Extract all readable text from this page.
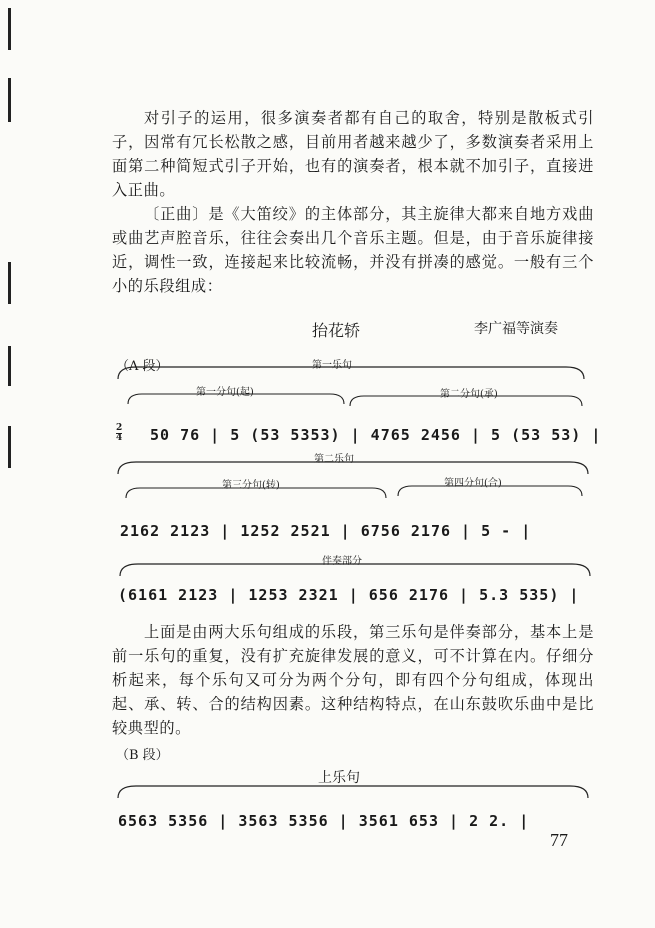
对引子的运用，很多演奏者都有自己的取舍，特别是散板式引子，因常有冗长松散之感，目前用者越来越少了，多数演奏者采用上面第二种简短式引子开始，也有的演奏者，根本就不加引子，直接进入正曲。

〔正曲〕是《大笛绞》的主体部分，其主旋律大都来自地方戏曲或曲艺声腔音乐，往往会奏出几个音乐主题。但是，由于音乐旋律接近，调性一致，连接起来比较流畅，并没有拼凑的感觉。一般有三个小的乐段组成：

抬花轿	李广福等演奏
（A 段）	第一乐句
第一分句(起)	第二分句(承)
2
4 50 76 | 5 (53 5353) | 4765 2456 | 5 (53 53) |
第二乐句
第三分句(转)	第四分句(合)
2162 2123 | 1252 2521 | 6756 2176 | 5 - |
伴奏部分
(6161 2123 | 1253 2321 | 656 2176 | 5.3 535) |

上面是由两大乐句组成的乐段，第三乐句是伴奏部分，基本上是前一乐句的重复，没有扩充旋律发展的意义，可不计算在内。仔细分析起来，每个乐句又可分为两个分句，即有四个分句组成，体现出起、承、转、合的结构因素。这种结构特点，在山东鼓吹乐曲中是比较典型的。

（B 段）
上乐句
6563 5356 | 3563 5356 | 3561 653 | 2 2. |
77
